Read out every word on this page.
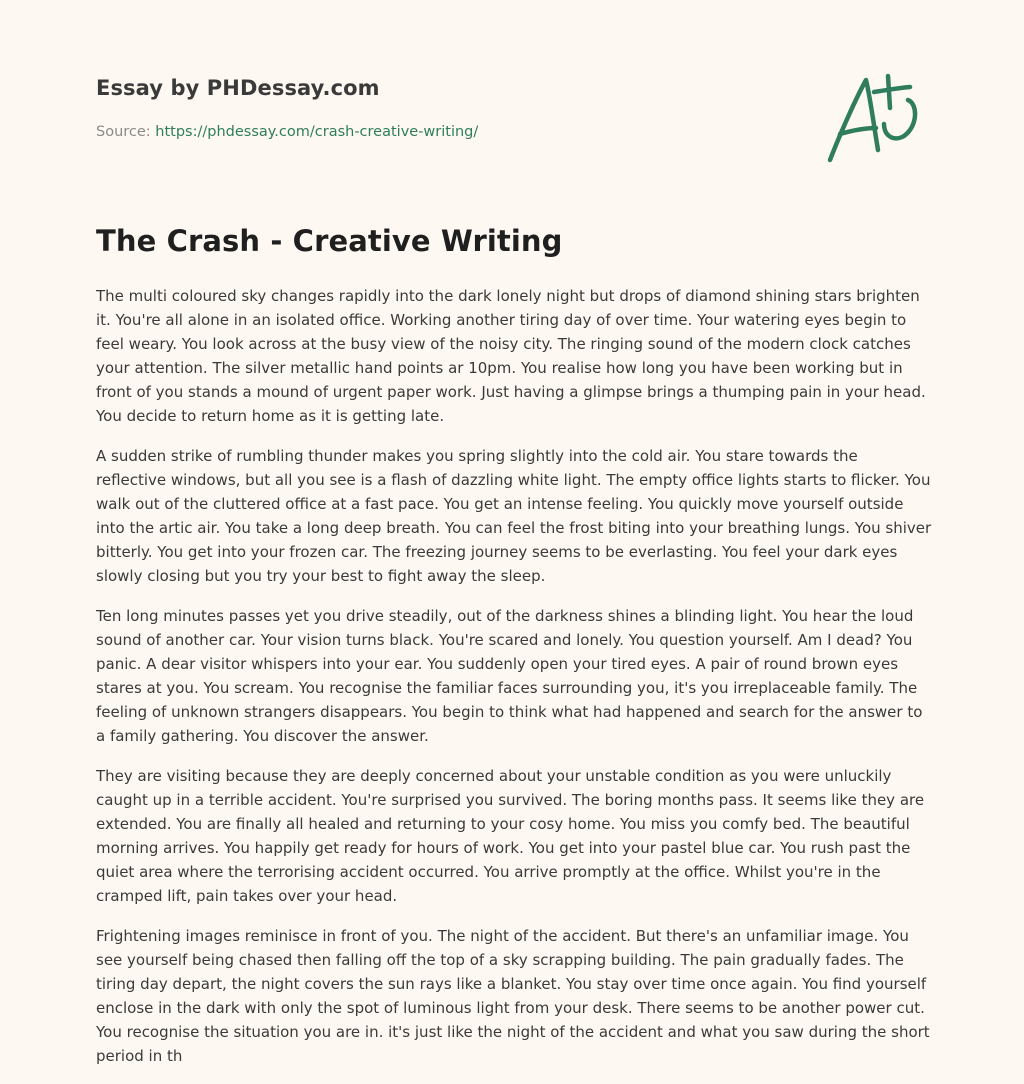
Essay by PHDessay.com

Source: https://phdessay.com/crash-creative-writing/

The Crash - Creative Writing

The multi coloured sky changes rapidly into the dark lonely night but drops of diamond shining stars brighten it. You're all alone in an isolated office. Working another tiring day of over time. Your watering eyes begin to feel weary. You look across at the busy view of the noisy city. The ringing sound of the modern clock catches your attention. The silver metallic hand points ar 10pm. You realise how long you have been working but in front of you stands a mound of urgent paper work. Just having a glimpse brings a thumping pain in your head. You decide to return home as it is getting late.

A sudden strike of rumbling thunder makes you spring slightly into the cold air. You stare towards the reflective windows, but all you see is a flash of dazzling white light. The empty office lights starts to flicker. You walk out of the cluttered office at a fast pace. You get an intense feeling. You quickly move yourself outside into the artic air. You take a long deep breath. You can feel the frost biting into your breathing lungs. You shiver bitterly. You get into your frozen car. The freezing journey seems to be everlasting. You feel your dark eyes slowly closing but you try your best to fight away the sleep.

Ten long minutes passes yet you drive steadily, out of the darkness shines a blinding light. You hear the loud sound of another car. Your vision turns black. You're scared and lonely. You question yourself. Am I dead? You panic. A dear visitor whispers into your ear. You suddenly open your tired eyes. A pair of round brown eyes stares at you. You scream. You recognise the familiar faces surrounding you, it's you irreplaceable family. The feeling of unknown strangers disappears. You begin to think what had happened and search for the answer to a family gathering. You discover the answer.

They are visiting because they are deeply concerned about your unstable condition as you were unluckily caught up in a terrible accident. You're surprised you survived. The boring months pass. It seems like they are extended. You are finally all healed and returning to your cosy home. You miss you comfy bed. The beautiful morning arrives. You happily get ready for hours of work. You get into your pastel blue car. You rush past the quiet area where the terrorising accident occurred. You arrive promptly at the office. Whilst you're in the cramped lift, pain takes over your head.

Frightening images reminisce in front of you. The night of the accident. But there's an unfamiliar image. You see yourself being chased then falling off the top of a sky scrapping building. The pain gradually fades. The tiring day depart, the night covers the sun rays like a blanket. You stay over time once again. You find yourself enclose in the dark with only the spot of luminous light from your desk. There seems to be another power cut. You recognise the situation you are in. it's just like the night of the accident and what you saw during the short period in th
